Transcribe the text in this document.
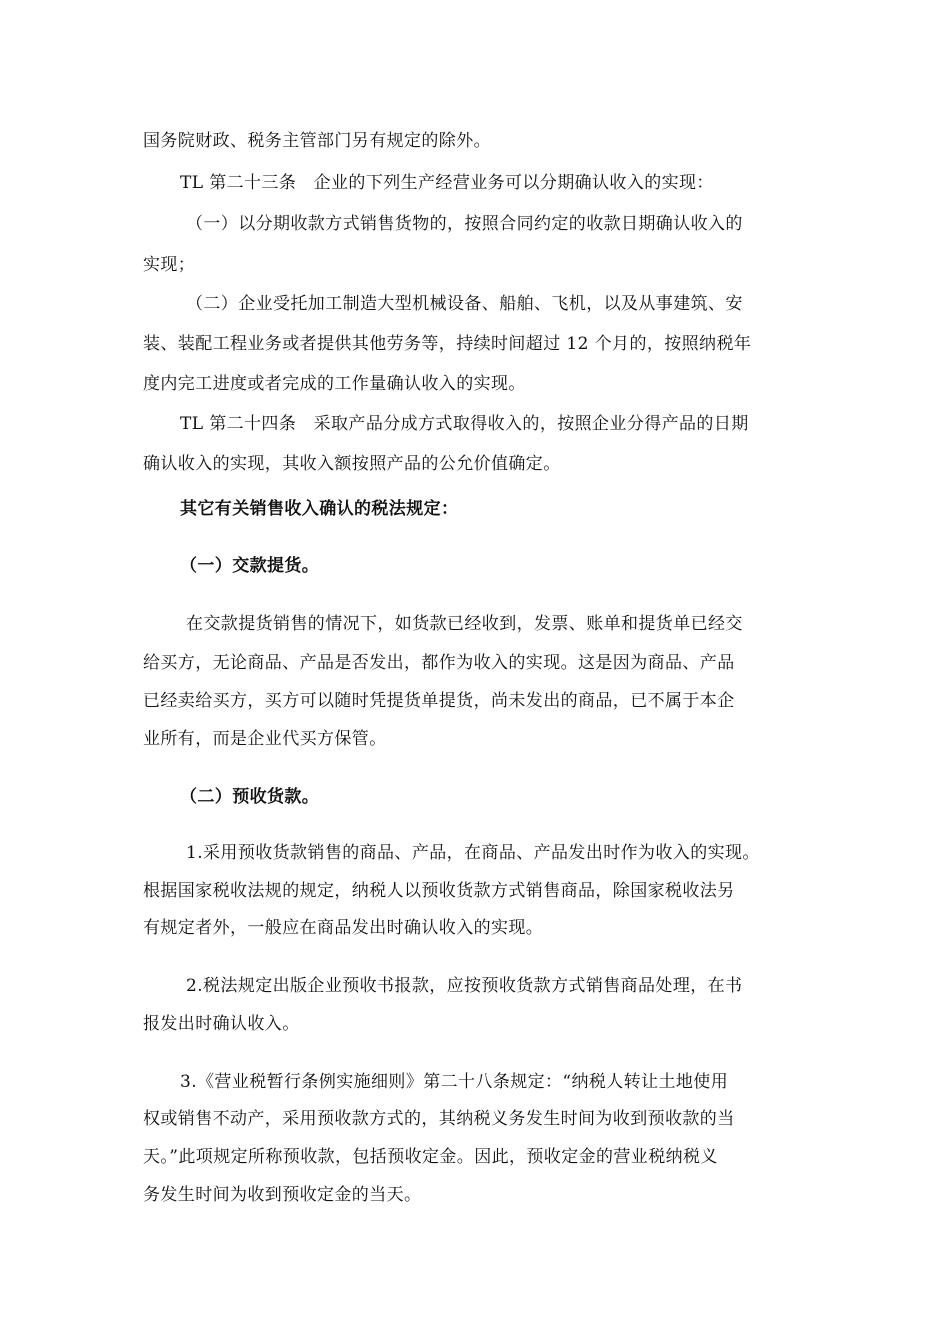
国务院财政、税务主管部门另有规定的除外。
TL 第二十三条　企业的下列生产经营业务可以分期确认收入的实现：
（一）以分期收款方式销售货物的，按照合同约定的收款日期确认收入的
实现；
（二）企业受托加工制造大型机械设备、船舶、飞机，以及从事建筑、安
装、装配工程业务或者提供其他劳务等，持续时间超过 12 个月的，按照纳税年
度内完工进度或者完成的工作量确认收入的实现。
TL 第二十四条　采取产品分成方式取得收入的，按照企业分得产品的日期
确认收入的实现，其收入额按照产品的公允价值确定。
其它有关销售收入确认的税法规定：
（一）交款提货。
在交款提货销售的情况下，如货款已经收到，发票、账单和提货单已经交
给买方，无论商品、产品是否发出，都作为收入的实现。这是因为商品、产品
已经卖给买方，买方可以随时凭提货单提货，尚未发出的商品，已不属于本企
业所有，而是企业代买方保管。
（二）预收货款。
1.采用预收货款销售的商品、产品，在商品、产品发出时作为收入的实现。
根据国家税收法规的规定，纳税人以预收货款方式销售商品，除国家税收法另
有规定者外，一般应在商品发出时确认收入的实现。
2.税法规定出版企业预收书报款，应按预收货款方式销售商品处理，在书
报发出时确认收入。
3.《营业税暂行条例实施细则》第二十八条规定：“纳税人转让土地使用
权或销售不动产，采用预收款方式的，其纳税义务发生时间为收到预收款的当
天。”此项规定所称预收款，包括预收定金。因此，预收定金的营业税纳税义
务发生时间为收到预收定金的当天。
